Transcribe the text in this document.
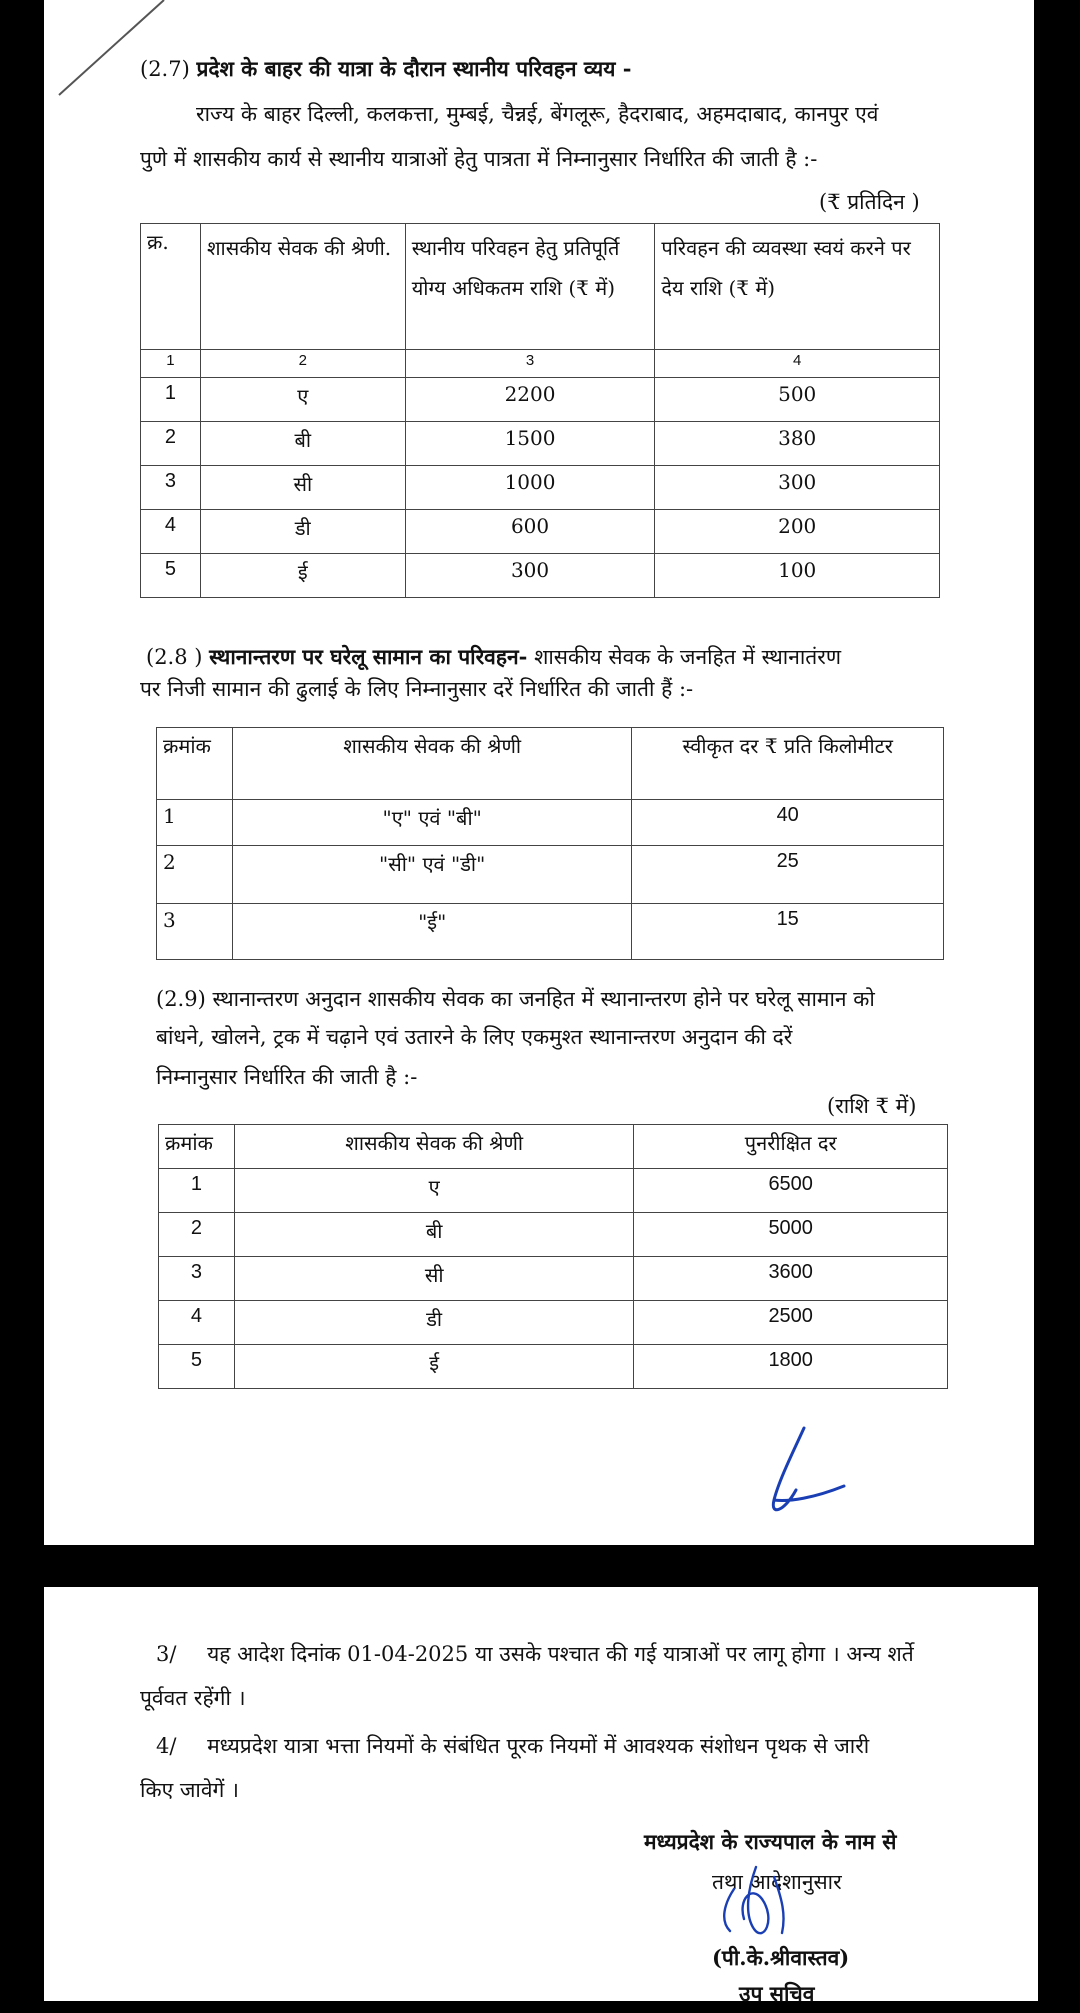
(2.7) प्रदेश के बाहर की यात्रा के दौरान स्थानीय परिवहन व्यय -
राज्य के बाहर दिल्ली, कलकत्ता, मुम्बई, चैन्नई, बेंगलूरू, हैदराबाद, अहमदाबाद, कानपुर एवं
पुणे में शासकीय कार्य से स्थानीय यात्राओं हेतु पात्रता में निम्नानुसार निर्धारित की जाती है :-
(₹ प्रतिदिन )
क्र.	शासकीय सेवक की श्रेणी.	स्थानीय परिवहन हेतु प्रतिपूर्ति योग्य अधिकतम राशि (₹ में)	परिवहन की व्यवस्था स्वयं करने पर देय राशि (₹ में)
1	2	3	4
1	ए	2200	500
2	बी	1500	380
3	सी	1000	300
4	डी	600	200
5	ई	300	100
(2.8 ) स्थानान्तरण पर घरेलू सामान का परिवहन- शासकीय सेवक के जनहित में स्थानातंरण
पर निजी सामान की ढुलाई के लिए निम्नानुसार दरें निर्धारित की जाती हैं :-
क्रमांक	शासकीय सेवक की श्रेणी	स्वीकृत दर ₹ प्रति किलोमीटर
1	"ए" एवं "बी"	40
2	"सी" एवं "डी"	25
3	"ई"	15
(2.9) स्थानान्तरण अनुदान शासकीय सेवक का जनहित में स्थानान्तरण होने पर घरेलू सामान को
बांधने, खोलने, ट्रक में चढ़ाने एवं उतारने के लिए एकमुश्त स्थानान्तरण अनुदान की दरें
निम्नानुसार निर्धारित की जाती है :-
(राशि ₹ में)
क्रमांक	शासकीय सेवक की श्रेणी	पुनरीक्षित दर
1	ए	6500
2	बी	5000
3	सी	3600
4	डी	2500
5	ई	1800
3/ यह आदेश दिनांक 01-04-2025 या उसके पश्चात की गई यात्राओं पर लागू होगा । अन्य शर्ते
पूर्ववत रहेंगी ।
4/ मध्यप्रदेश यात्रा भत्ता नियमों के संबंधित पूरक नियमों में आवश्यक संशोधन पृथक से जारी
किए जावेगें ।
मध्यप्रदेश के राज्यपाल के नाम से
तथा आदेशानुसार
(पी.के.श्रीवास्तव)
उप सचिव
